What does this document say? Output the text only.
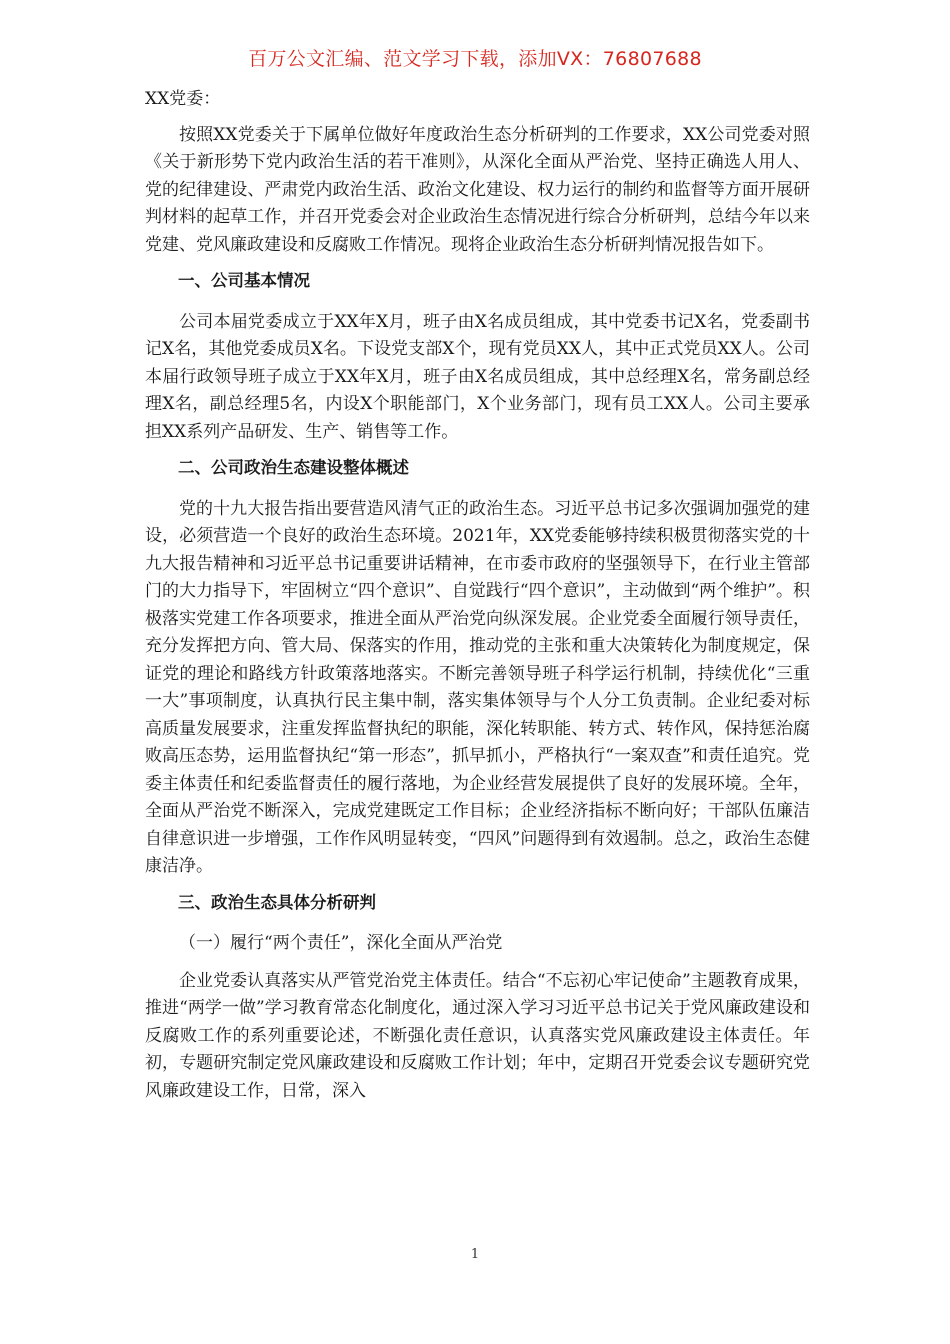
百万公文汇编、范文学习下载，添加VX：76807688

XX党委：

按照XX党委关于下属单位做好年度政治生态分析研判的工作要求，XX公司党委对照《关于新形势下党内政治生活的若干准则》，从深化全面从严治党、坚持正确选人用人、党的纪律建设、严肃党内政治生活、政治文化建设、权力运行的制约和监督等方面开展研判材料的起草工作，并召开党委会对企业政治生态情况进行综合分析研判，总结今年以来党建、党风廉政建设和反腐败工作情况。现将企业政治生态分析研判情况报告如下。

一、公司基本情况

公司本届党委成立于XX年X月，班子由X名成员组成，其中党委书记X名，党委副书记X名，其他党委成员X名。下设党支部X个，现有党员XX人，其中正式党员XX人。公司本届行政领导班子成立于XX年X月，班子由X名成员组成，其中总经理X名，常务副总经理X名，副总经理5名，内设X个职能部门，X个业务部门，现有员工XX人。公司主要承担XX系列产品研发、生产、销售等工作。

二、公司政治生态建设整体概述

党的十九大报告指出要营造风清气正的政治生态。习近平总书记多次强调加强党的建设，必须营造一个良好的政治生态环境。2021年，XX党委能够持续积极贯彻落实党的十九大报告精神和习近平总书记重要讲话精神，在市委市政府的坚强领导下，在行业主管部门的大力指导下，牢固树立“四个意识”、自觉践行“四个意识”，主动做到“两个维护”。积极落实党建工作各项要求，推进全面从严治党向纵深发展。企业党委全面履行领导责任，充分发挥把方向、管大局、保落实的作用，推动党的主张和重大决策转化为制度规定，保证党的理论和路线方针政策落地落实。不断完善领导班子科学运行机制，持续优化“三重一大”事项制度，认真执行民主集中制，落实集体领导与个人分工负责制。企业纪委对标高质量发展要求，注重发挥监督执纪的职能，深化转职能、转方式、转作风，保持惩治腐败高压态势，运用监督执纪“第一形态”，抓早抓小，严格执行“一案双查”和责任追究。党委主体责任和纪委监督责任的履行落地，为企业经营发展提供了良好的发展环境。全年，全面从严治党不断深入，完成党建既定工作目标；企业经济指标不断向好；干部队伍廉洁自律意识进一步增强，工作作风明显转变，“四风”问题得到有效遏制。总之，政治生态健康洁净。

三、政治生态具体分析研判

（一）履行“两个责任”，深化全面从严治党

企业党委认真落实从严管党治党主体责任。结合“不忘初心牢记使命”主题教育成果，推进“两学一做”学习教育常态化制度化，通过深入学习习近平总书记关于党风廉政建设和反腐败工作的系列重要论述，不断强化责任意识，认真落实党风廉政建设主体责任。年初，专题研究制定党风廉政建设和反腐败工作计划；年中，定期召开党委会议专题研究党风廉政建设工作，日常，深入

1
